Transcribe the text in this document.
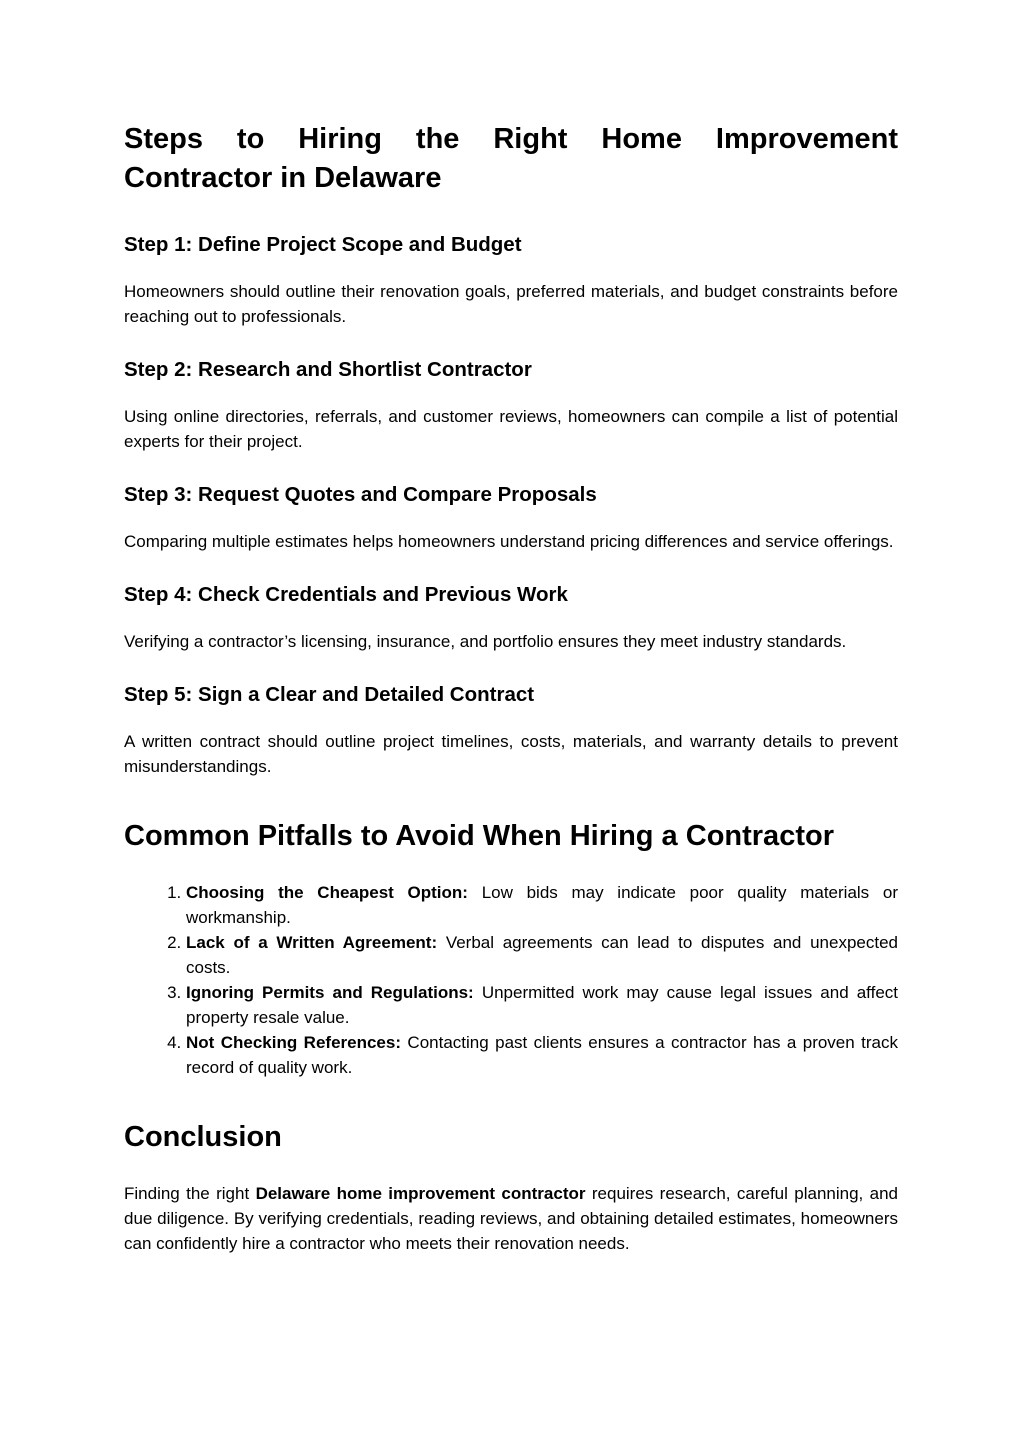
Steps to Hiring the Right Home Improvement Contractor in Delaware
Step 1: Define Project Scope and Budget

Homeowners should outline their renovation goals, preferred materials, and budget constraints before reaching out to professionals.

Step 2: Research and Shortlist Contractor

Using online directories, referrals, and customer reviews, homeowners can compile a list of potential experts for their project.

Step 3: Request Quotes and Compare Proposals

Comparing multiple estimates helps homeowners understand pricing differences and service offerings.

Step 4: Check Credentials and Previous Work

Verifying a contractor’s licensing, insurance, and portfolio ensures they meet industry standards.

Step 5: Sign a Clear and Detailed Contract

A written contract should outline project timelines, costs, materials, and warranty details to prevent misunderstandings.

Common Pitfalls to Avoid When Hiring a Contractor
1. Choosing the Cheapest Option: Low bids may indicate poor quality materials or workmanship.
2. Lack of a Written Agreement: Verbal agreements can lead to disputes and unexpected costs.
3. Ignoring Permits and Regulations: Unpermitted work may cause legal issues and affect property resale value.
4. Not Checking References: Contacting past clients ensures a contractor has a proven track record of quality work.
Conclusion

Finding the right Delaware home improvement contractor requires research, careful planning, and due diligence. By verifying credentials, reading reviews, and obtaining detailed estimates, homeowners can confidently hire a contractor who meets their renovation needs.
